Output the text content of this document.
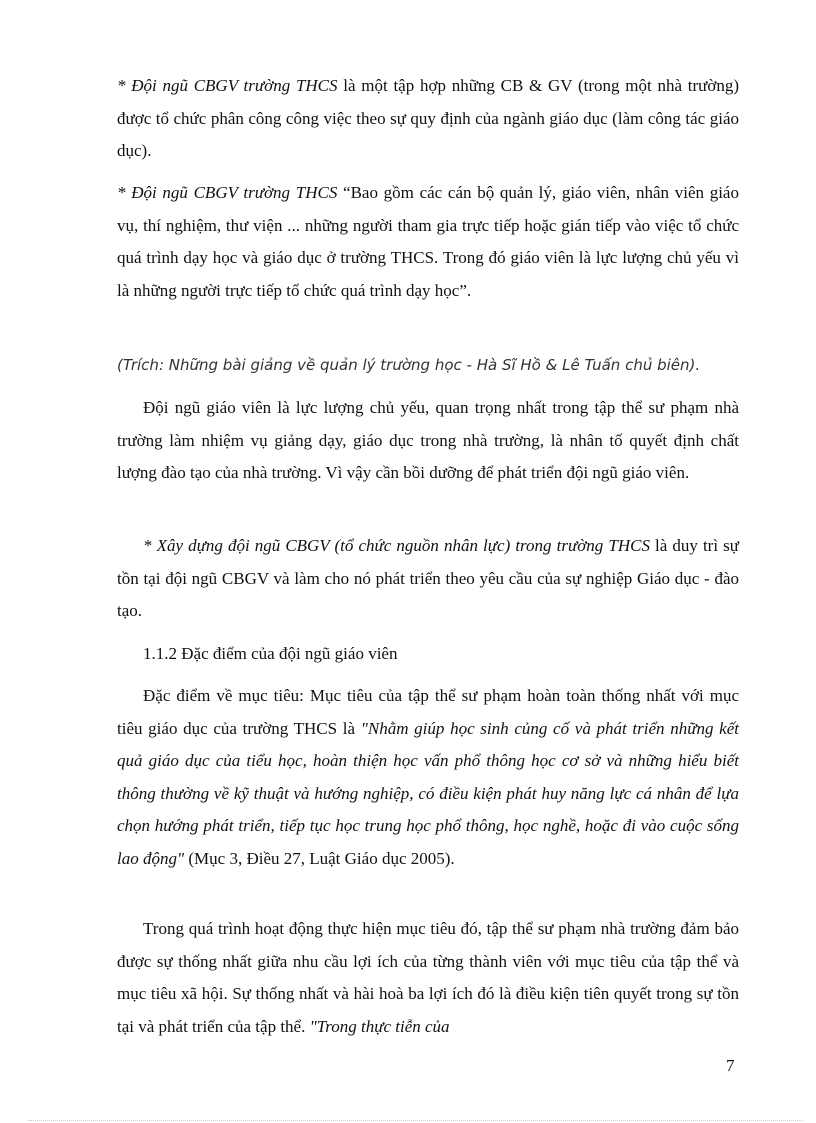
* Đội ngũ CBGV trường THCS là một tập hợp những CB & GV (trong một nhà trường) được tổ chức phân công công việc theo sự quy định của ngành giáo dục (làm công tác giáo dục).

* Đội ngũ CBGV trường THCS “Bao gồm các cán bộ quản lý, giáo viên, nhân viên giáo vụ, thí nghiệm, thư viện ... những người tham gia trực tiếp hoặc gián tiếp vào việc tổ chức quá trình dạy học và giáo dục ở trường THCS. Trong đó giáo viên là lực lượng chủ yếu vì là những người trực tiếp tổ chức quá trình dạy học”.

(Trích: Những bài giảng về quản lý trường học - Hà Sĩ Hồ & Lê Tuấn chủ biên).

Đội ngũ giáo viên là lực lượng chủ yếu, quan trọng nhất trong tập thể sư phạm nhà trường làm nhiệm vụ giảng dạy, giáo dục trong nhà trường, là nhân tố quyết định chất lượng đào tạo của nhà trường. Vì vậy cần bồi dưỡng để phát triển đội ngũ giáo viên.

* Xây dựng đội ngũ CBGV (tổ chức nguồn nhân lực) trong trường THCS là duy trì sự tồn tại đội ngũ CBGV và làm cho nó phát triển theo yêu cầu của sự nghiệp Giáo dục - đào tạo.

1.1.2 Đặc điểm của đội ngũ giáo viên

Đặc điểm về mục tiêu: Mục tiêu của tập thể sư phạm hoàn toàn thống nhất với mục tiêu giáo dục của trường THCS là "Nhằm giúp học sinh củng cố và phát triển những kết quả giáo dục của tiểu học, hoàn thiện học vấn phổ thông học cơ sở và những hiểu biết thông thường về kỹ thuật và hướng nghiệp, có điều kiện phát huy năng lực cá nhân để lựa chọn hướng phát triển, tiếp tục học trung học phổ thông, học nghề, hoặc đi vào cuộc sống lao động" (Mục 3, Điều 27, Luật Giáo dục 2005).

Trong quá trình hoạt động thực hiện mục tiêu đó, tập thể sư phạm nhà trường đảm bảo được sự thống nhất giữa nhu cầu lợi ích của từng thành viên với mục tiêu của tập thể và mục tiêu xã hội. Sự thống nhất và hài hoà ba lợi ích đó là điều kiện tiên quyết trong sự tồn tại và phát triển của tập thể. "Trong thực tiễn của

7
